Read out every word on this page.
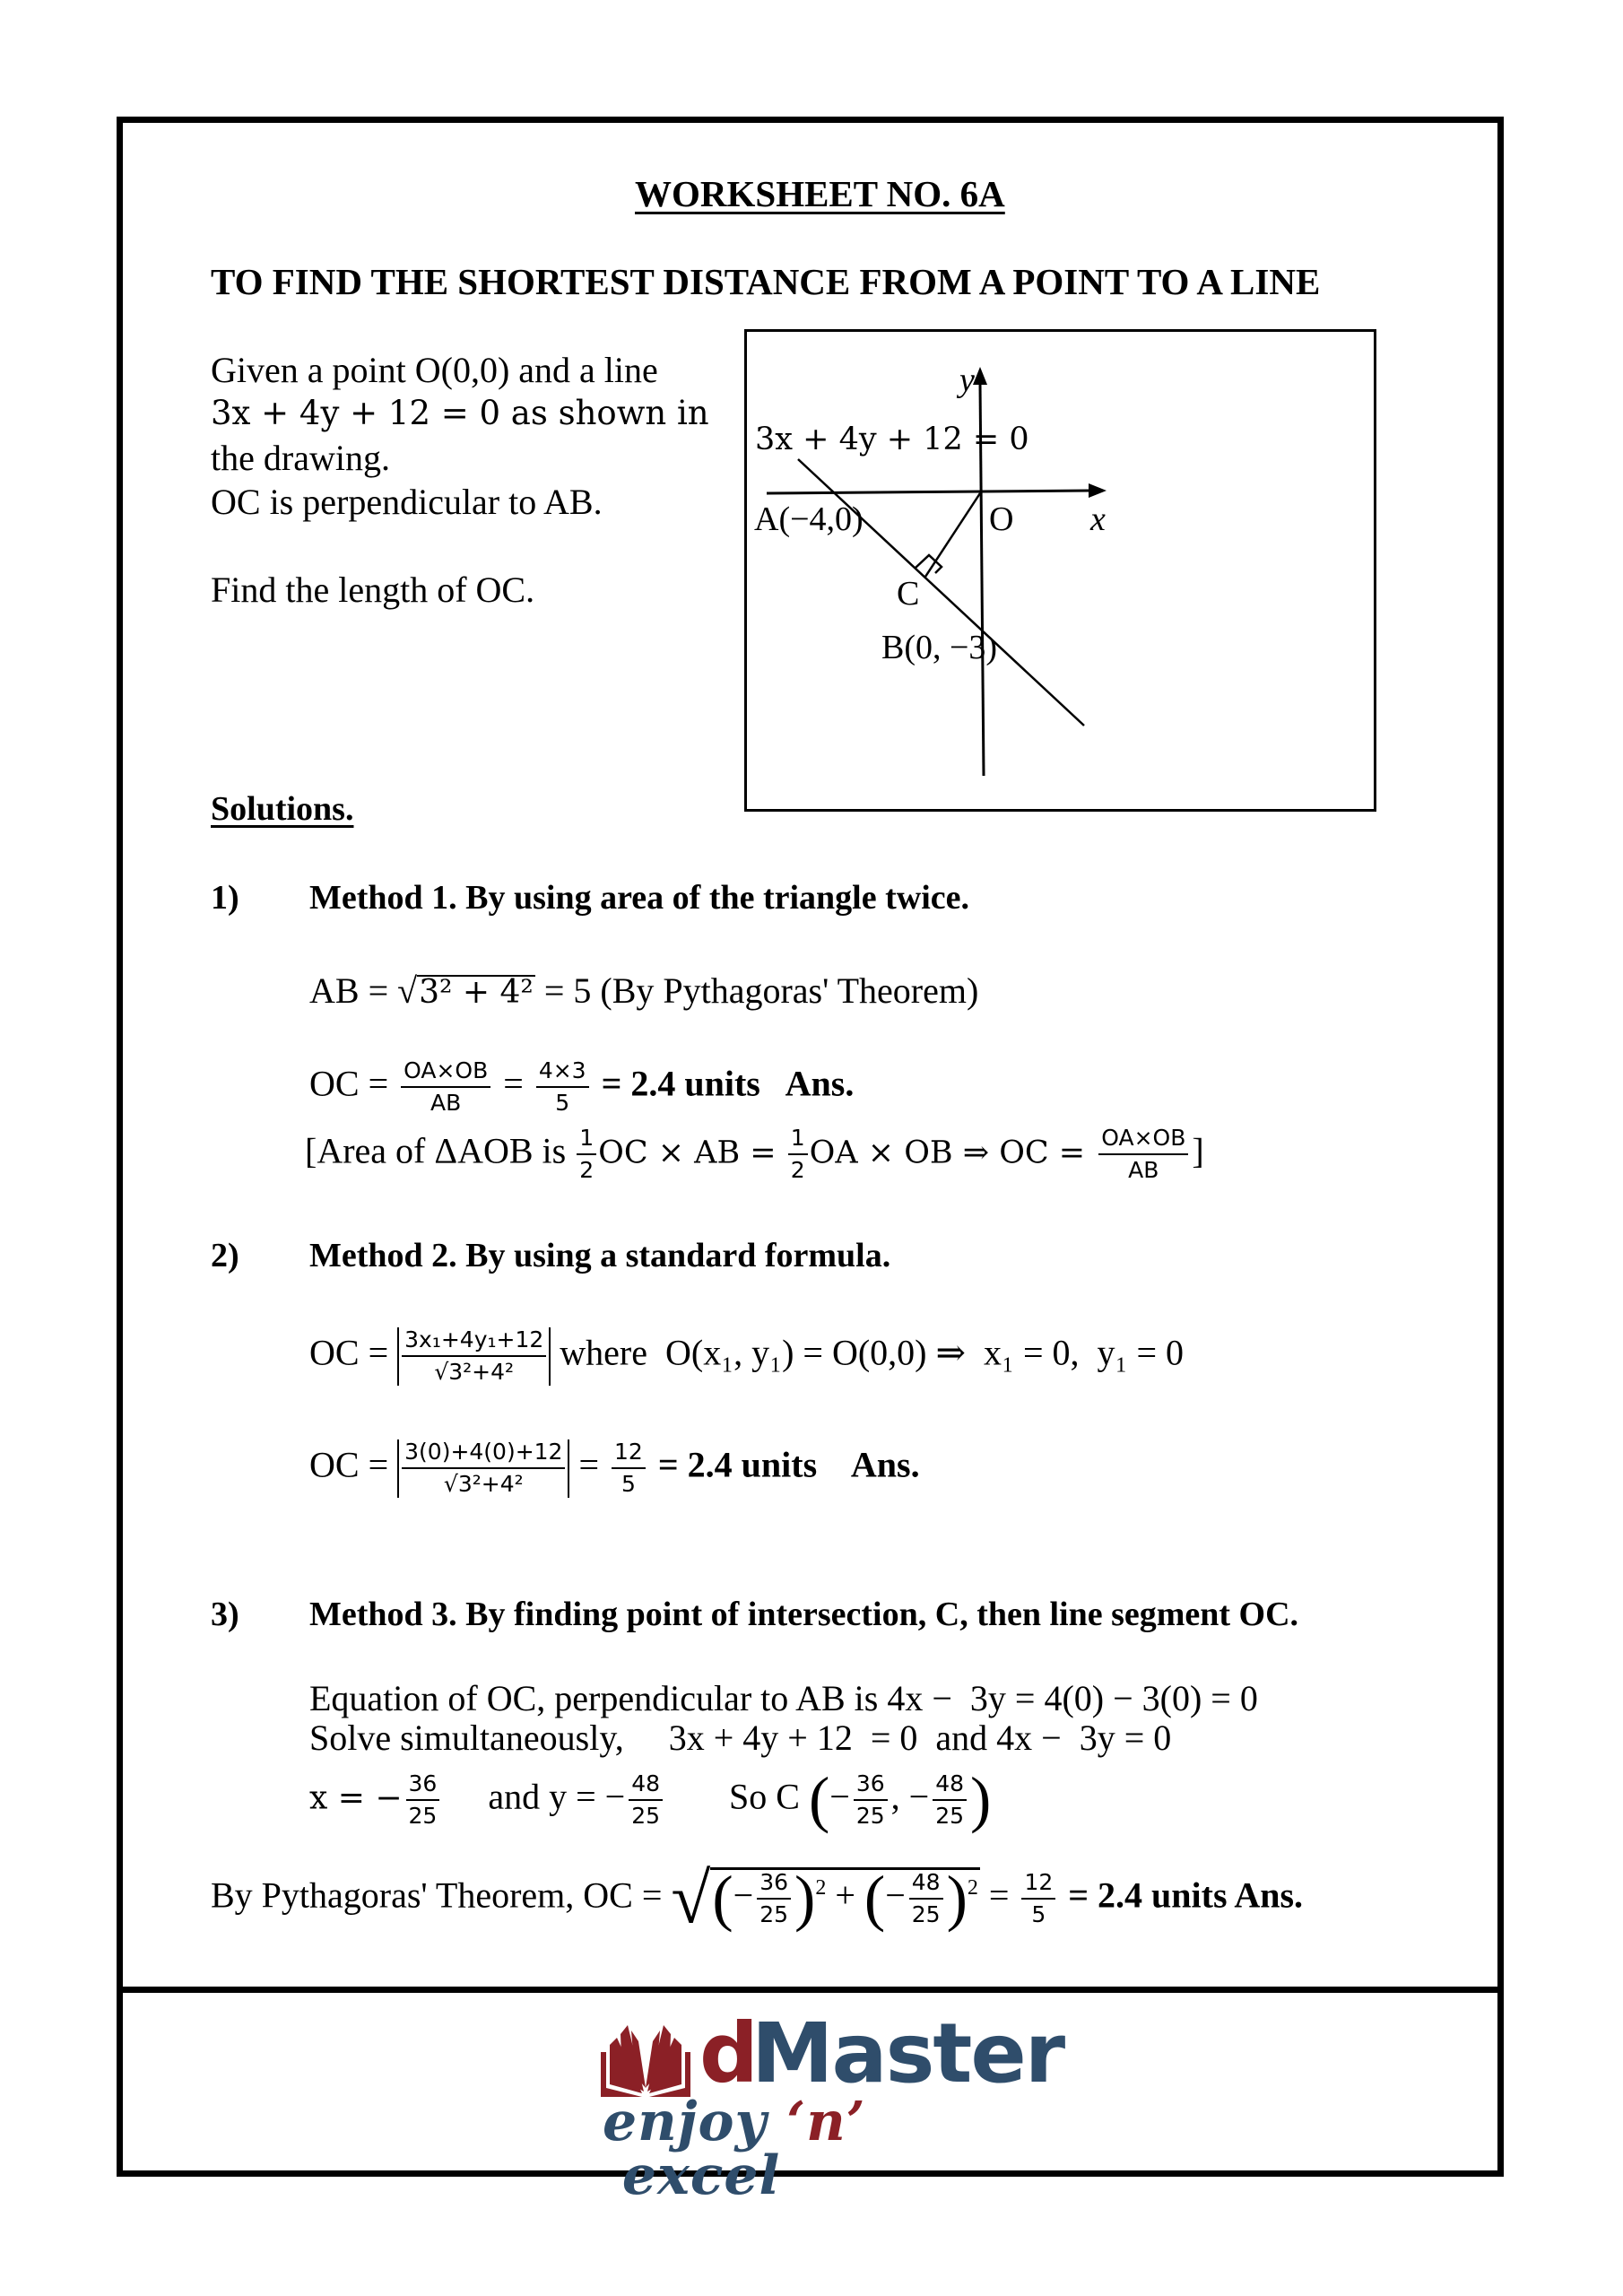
WORKSHEET NO. 6A
TO FIND THE SHORTEST DISTANCE FROM A POINT TO A LINE
Given a point O(0,0) and a line
3x + 4y + 12 = 0 as shown in
the drawing.
OC is perpendicular to AB.
Find the length of OC.
3x + 4y + 12 = 0
y
x
O
A(−4,0)
C
B(0, −3)
Solutions.
1) Method 1. By using area of the triangle twice.
AB = √3² + 4² = 5 (By Pythagoras' Theorem)
OC = $\frac{OA\times OB}{AB} = \frac{4\times 3}{5} = 2.4$ units   Ans.
[Area of ΔAOB is $\frac{1}{2}$ OC × AB = $\frac{1}{2}$ OA × OB ⇒ OC = $\frac{OA\times OB}{AB}$ ]
2) Method 2. By using a standard formula.
OC = $\frac{\text{3x₁+4y₁+12}}{\text{√3²+4²}}$ where  O(x₁, y₁) = O(0,0) ⇒  x₁ = 0,  y₁ = 0
OC = $\frac{3(0)+4(0)+12}{\text{√3²+4²}} = \frac{12}{5} = 2.4$ units    Ans.
3) Method 3. By finding point of intersection, C, then line segment OC.
Equation of OC, perpendicular to AB is 4x −  3y = 4(0) − 3(0) = 0
Solve simultaneously,     3x + 4y + 12  = 0  and 4x −  3y = 0
x = − $\frac{36}{25}$ and y = − $\frac{48}{25}$ So C (− $\frac{36}{25}$ , − $\frac{48}{25}$ )
By Pythagoras' Theorem, OC = √(− $\frac{36}{25} )^2$ + (− $\frac{48}{25} )^2 = \frac{12}{5} = 2.4$ units Ans.
d
Master
enjoy ‘n’ excel
